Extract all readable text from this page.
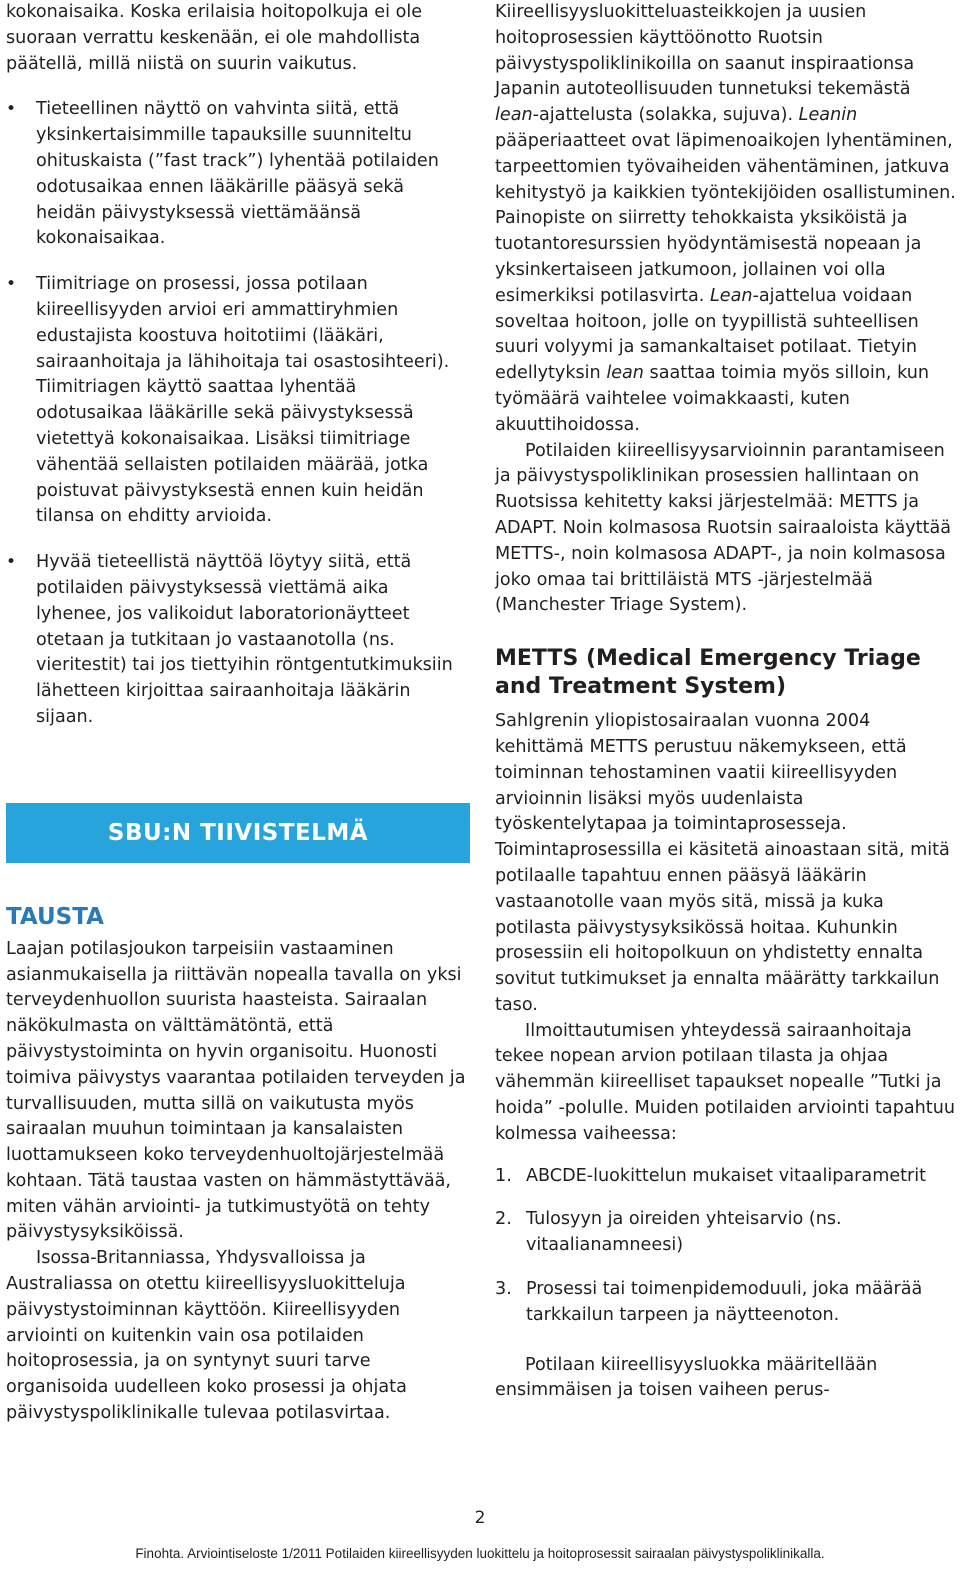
kokonaisaika. Koska erilaisia hoitopolkuja ei ole suoraan verrattu keskenään, ei ole mahdollista päätellä, millä niistä on suurin vaikutus.

• Tieteellinen näyttö on vahvinta siitä, että yksinkertaisimmille tapauksille suunniteltu ohituskaista (”fast track”) lyhentää potilaiden odotusaikaa ennen lääkärille pääsyä sekä heidän päivystyksessä viettämäänsä kokonaisaikaa.
• Tiimitriage on prosessi, jossa potilaan kiireellisyyden arvioi eri ammattiryhmien edustajista koostuva hoitotiimi (lääkäri, sairaanhoitaja ja lähihoitaja tai osastosihteeri). Tiimitriagen käyttö saattaa lyhentää odotusaikaa lääkärille sekä päivystyksessä vietettyä kokonaisaikaa. Lisäksi tiimitriage vähentää sellaisten potilaiden määrää, jotka poistuvat päivystyksestä ennen kuin heidän tilansa on ehditty arvioida.
• Hyvää tieteellistä näyttöä löytyy siitä, että potilaiden päivystyksessä viettämä aika lyhenee, jos valikoidut laboratorionäytteet otetaan ja tutkitaan jo vastaanotolla (ns. vieritestit) tai jos tiettyihin röntgentutkimuksiin lähetteen kirjoittaa sairaanhoitaja lääkärin sijaan.
SBU:N TIIVISTELMÄ
TAUSTA

Laajan potilasjoukon tarpeisiin vastaaminen asianmukaisella ja riittävän nopealla tavalla on yksi terveydenhuollon suurista haasteista. Sairaalan näkökulmasta on välttämätöntä, että päivystystoiminta on hyvin organisoitu. Huonosti toimiva päivystys vaarantaa potilaiden terveyden ja turvallisuuden, mutta sillä on vaikutusta myös sairaalan muuhun toimintaan ja kansalaisten luottamukseen koko terveydenhuoltojärjestelmää kohtaan. Tätä taustaa vasten on hämmästyttävää, miten vähän arviointi- ja tutkimustyötä on tehty päivystysyksiköissä.

Isossa-Britanniassa, Yhdysvalloissa ja Australiassa on otettu kiireellisyysluokitteluja päivystystoiminnan käyttöön. Kiireellisyyden arviointi on kuitenkin vain osa potilaiden hoitoprosessia, ja on syntynyt suuri tarve organisoida uudelleen koko prosessi ja ohjata päivystyspoliklinikalle tulevaa potilasvirtaa.

Kiireellisyysluokitteluasteikkojen ja uusien hoitoprosessien käyttöönotto Ruotsin päivystyspoliklinikoilla on saanut inspiraationsa Japanin autoteollisuuden tunnetuksi tekemästä lean-ajattelusta (solakka, sujuva). Leanin pääperiaatteet ovat läpimenoaikojen lyhentäminen, tarpeettomien työvaiheiden vähentäminen, jatkuva kehitystyö ja kaikkien työntekijöiden osallistuminen. Painopiste on siirretty tehokkaista yksiköistä ja tuotantoresurssien hyödyntämisestä nopeaan ja yksinkertaiseen jatkumoon, jollainen voi olla esimerkiksi potilasvirta. Lean-ajattelua voidaan soveltaa hoitoon, jolle on tyypillistä suhteellisen suuri volyymi ja samankaltaiset potilaat. Tietyin edellytyksin lean saattaa toimia myös silloin, kun työmäärä vaihtelee voimakkaasti, kuten akuuttihoidossa.

Potilaiden kiireellisyysarvioinnin parantamiseen ja päivystyspoliklinikan prosessien hallintaan on Ruotsissa kehitetty kaksi järjestelmää: METTS ja ADAPT. Noin kolmasosa Ruotsin sairaaloista käyttää METTS-, noin kolmasosa ADAPT-, ja noin kolmasosa joko omaa tai brittiläistä MTS -järjestelmää (Manchester Triage System).

METTS (Medical Emergency Triage and Treatment System)

Sahlgrenin yliopistosairaalan vuonna 2004 kehittämä METTS perustuu näkemykseen, että toiminnan tehostaminen vaatii kiireellisyyden arvioinnin lisäksi myös uudenlaista työskentelytapaa ja toimintaprosesseja. Toimintaprosessilla ei käsitetä ainoastaan sitä, mitä potilaalle tapahtuu ennen pääsyä lääkärin vastaanotolle vaan myös sitä, missä ja kuka potilasta päivystysyksikössä hoitaa. Kuhunkin prosessiin eli hoitopolkuun on yhdistetty ennalta sovitut tutkimukset ja ennalta määrätty tarkkailun taso.

Ilmoittautumisen yhteydessä sairaanhoitaja tekee nopean arvion potilaan tilasta ja ohjaa vähemmän kiireelliset tapaukset nopealle ”Tutki ja hoida” -polulle. Muiden potilaiden arviointi tapahtuu kolmessa vaiheessa:

1. ABCDE-luokittelun mukaiset vitaaliparametrit
2. Tulosyyn ja oireiden yhteisarvio (ns. vitaalianamneesi)
3. Prosessi tai toimenpidemoduuli, joka määrää tarkkailun tarpeen ja näytteenoton.

Potilaan kiireellisyysluokka määritellään ensimmäisen ja toisen vaiheen perus-

2
Finohta. Arviointiseloste 1/2011 Potilaiden kiireellisyyden luokittelu ja hoitoprosessit sairaalan päivystyspoliklinikalla.
